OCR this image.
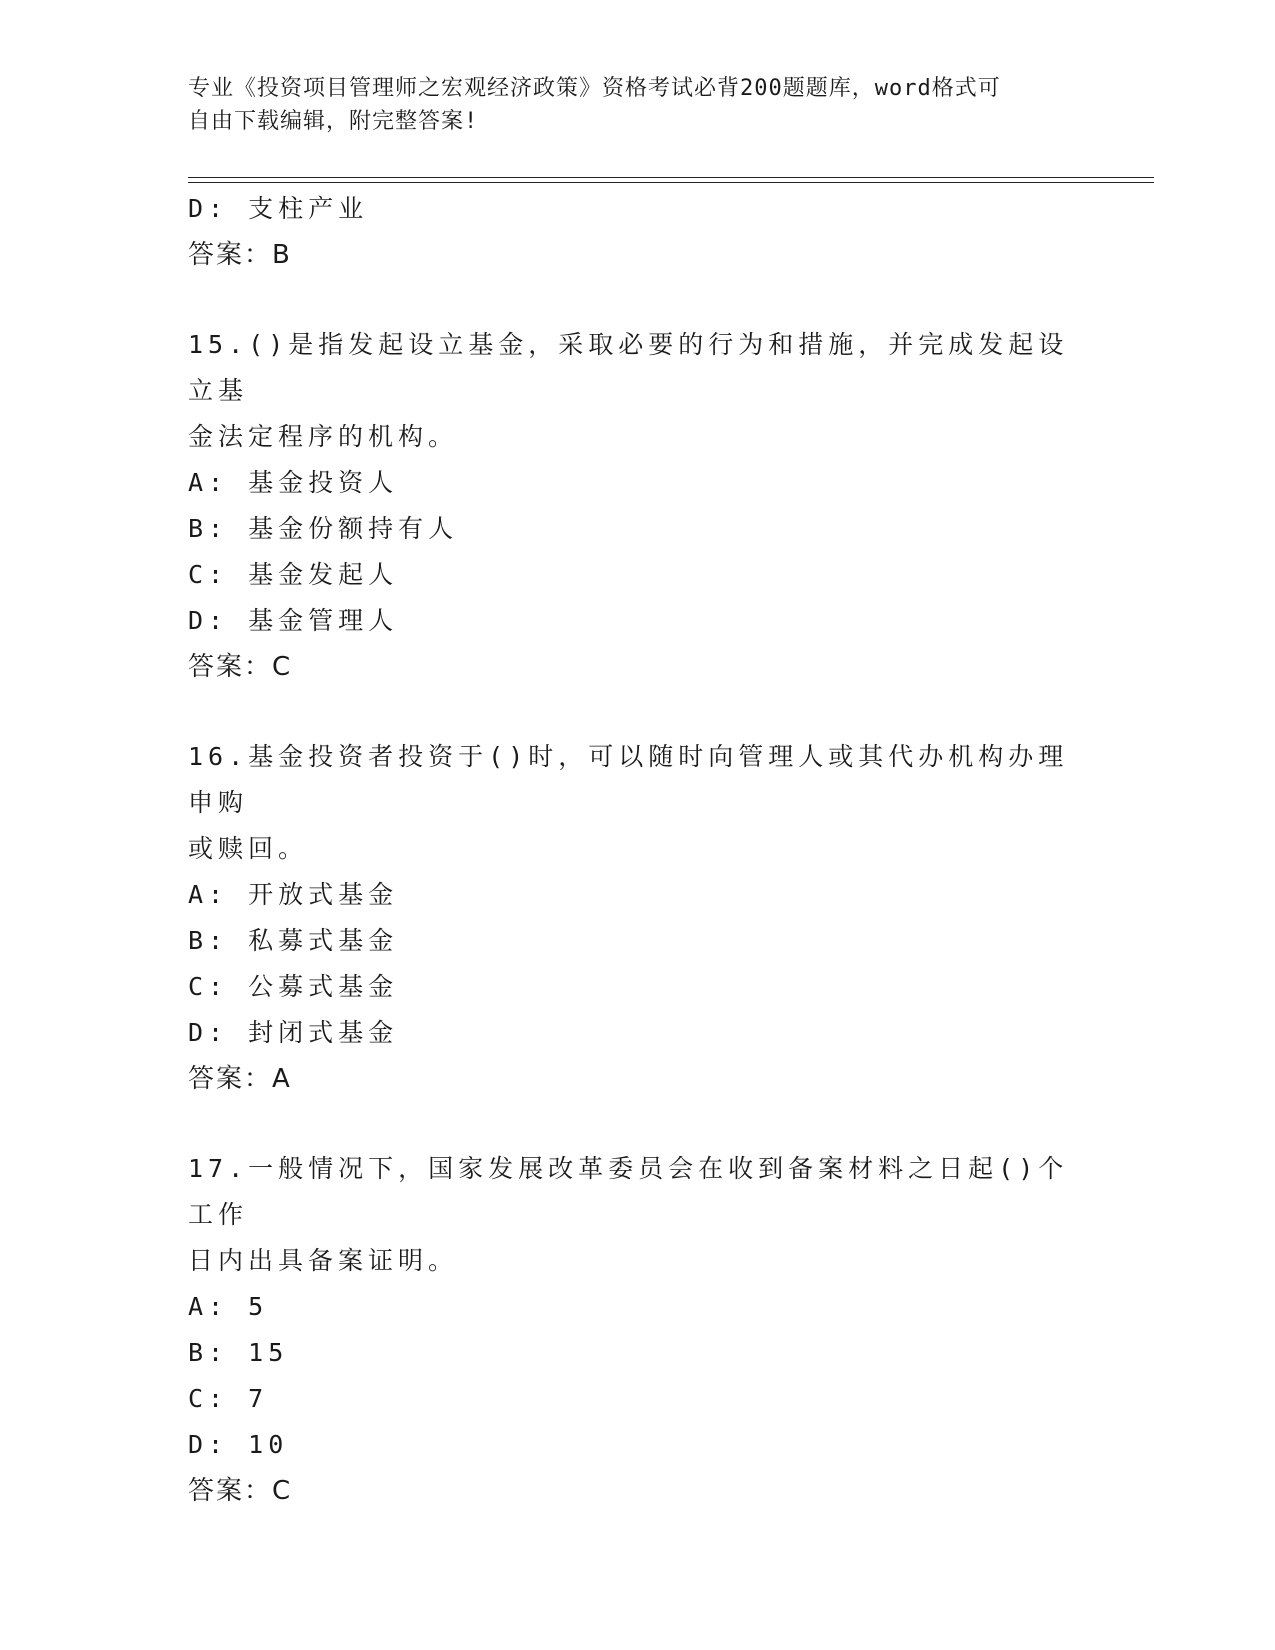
专业《投资项目管理师之宏观经济政策》资格考试必背200题题库，word格式可
自由下载编辑，附完整答案!
D: 支柱产业
答案：B
15.()是指发起设立基金，采取必要的行为和措施，并完成发起设立基
金法定程序的机构。
A: 基金投资人
B: 基金份额持有人
C: 基金发起人
D: 基金管理人
答案：C
16.基金投资者投资于()时，可以随时向管理人或其代办机构办理申购
或赎回。
A: 开放式基金
B: 私募式基金
C: 公募式基金
D: 封闭式基金
答案：A
17.一般情况下，国家发展改革委员会在收到备案材料之日起()个工作
日内出具备案证明。
A: 5
B: 15
C: 7
D: 10
答案：C
